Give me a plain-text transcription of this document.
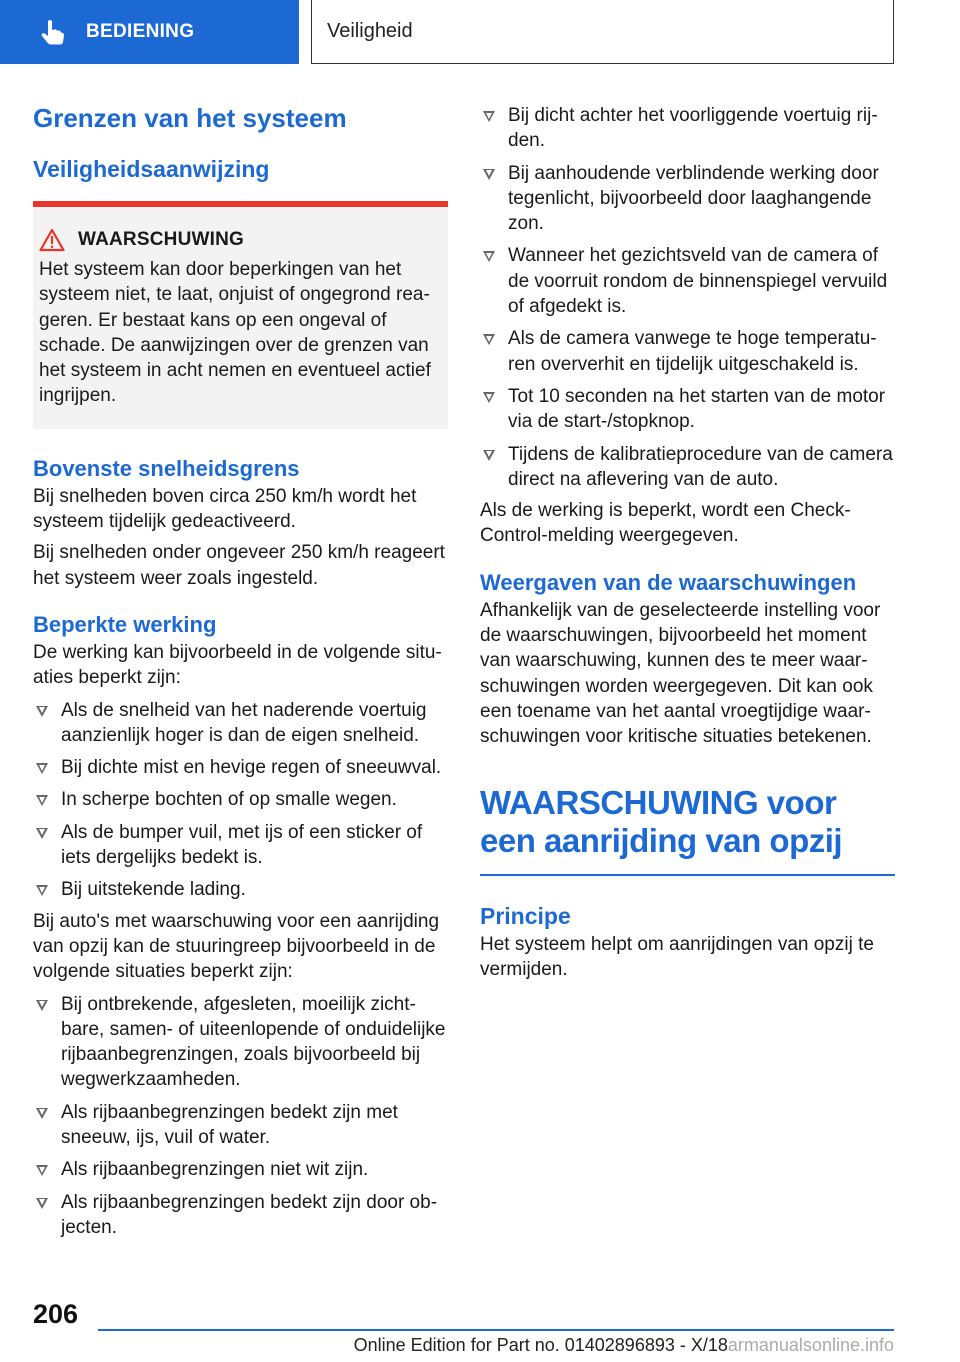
BEDIENING	Veiligheid
Grenzen van het systeem
Veiligheidsaanwijzing
WAARSCHUWING

Het systeem kan door beperkingen van het systeem niet, te laat, onjuist of ongegrond reageren. Er bestaat kans op een ongeval of schade. De aanwijzingen over de grenzen van het systeem in acht nemen en eventueel actief ingrijpen.

Bovenste snelheidsgrens

Bij snelheden boven circa 250 km/h wordt het systeem tijdelijk gedeactiveerd.

Bij snelheden onder ongeveer 250 km/h reageert het systeem weer zoals ingesteld.

Beperkte werking

De werking kan bijvoorbeeld in de volgende situaties beperkt zijn:

Als de snelheid van het naderende voertuig aanzienlijk hoger is dan de eigen snelheid.
Bij dichte mist en hevige regen of sneeuwval.
In scherpe bochten of op smalle wegen.
Als de bumper vuil, met ijs of een sticker of iets dergelijks bedekt is.
Bij uitstekende lading.

Bij auto's met waarschuwing voor een aanrijding van opzij kan de stuuringreep bijvoorbeeld in de volgende situaties beperkt zijn:

Bij ontbrekende, afgesleten, moeilijk zichtbare, samen- of uiteenlopende of onduidelijke rijbaanbegrenzingen, zoals bijvoorbeeld bij wegwerkzaamheden.
Als rijbaanbegrenzingen bedekt zijn met sneeuw, ijs, vuil of water.
Als rijbaanbegrenzingen niet wit zijn.
Als rijbaanbegrenzingen bedekt zijn door objecten.
Bij dicht achter het voorliggende voertuig rijden.
Bij aanhoudende verblindende werking door tegenlicht, bijvoorbeeld door laaghangende zon.
Wanneer het gezichtsveld van de camera of de voorruit rondom de binnenspiegel vervuild of afgedekt is.
Als de camera vanwege te hoge temperaturen oververhit en tijdelijk uitgeschakeld is.
Tot 10 seconden na het starten van de motor via de start-/stopknop.
Tijdens de kalibratieprocedure van de camera direct na aflevering van de auto.

Als de werking is beperkt, wordt een Check-Control-melding weergegeven.

Weergaven van de waarschuwingen

Afhankelijk van de geselecteerde instelling voor de waarschuwingen, bijvoorbeeld het moment van waarschuwing, kunnen des te meer waarschuwingen worden weergegeven. Dit kan ook een toename van het aantal vroegtijdige waarschuwingen voor kritische situaties betekenen.

WAARSCHUWING voor een aanrijding van opzij
Principe

Het systeem helpt om aanrijdingen van opzij te vermijden.

206
Online Edition for Part no. 01402896893 - X/18armanualsonline.info
